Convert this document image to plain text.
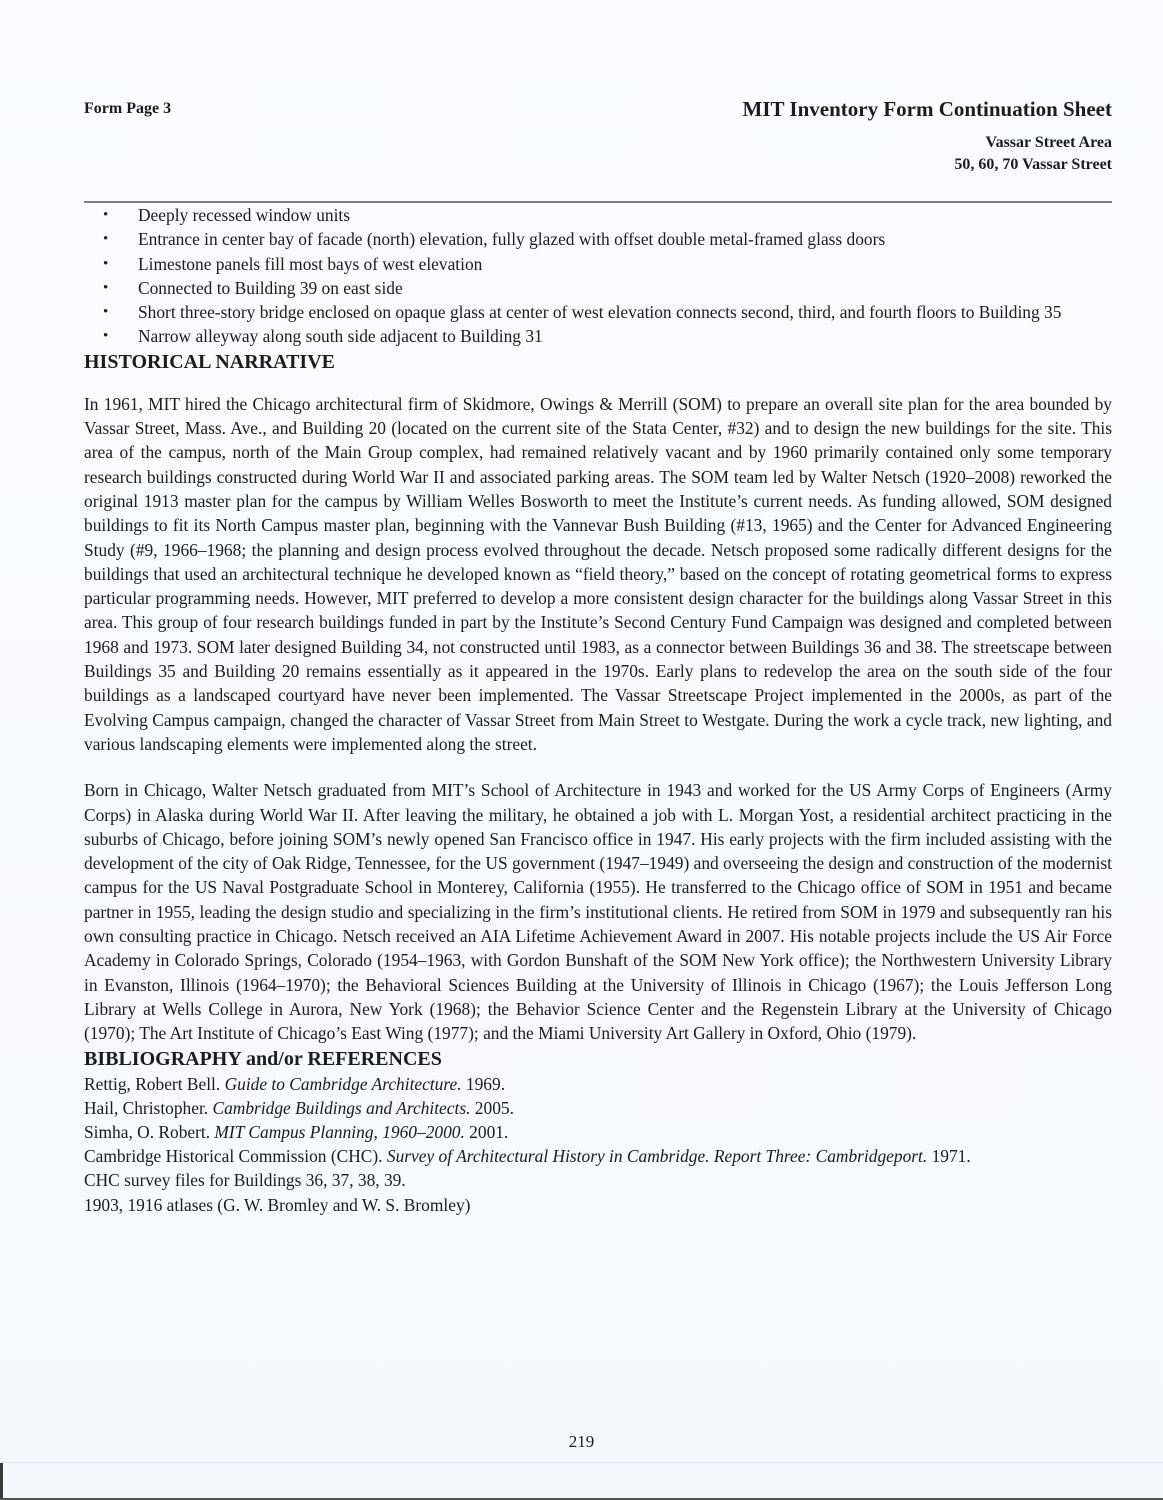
Form Page 3	MIT Inventory Form Continuation Sheet
Vassar Street Area
50, 60, 70 Vassar Street
• Deeply recessed window units
• Entrance in center bay of facade (north) elevation, fully glazed with offset double metal-framed glass doors
• Limestone panels fill most bays of west elevation
• Connected to Building 39 on east side
• Short three-story bridge enclosed on opaque glass at center of west elevation connects second, third, and fourth floors to Building 35
• Narrow alleyway along south side adjacent to Building 31
HISTORICAL NARRATIVE

In 1961, MIT hired the Chicago architectural firm of Skidmore, Owings & Merrill (SOM) to prepare an overall site plan for the area bounded by Vassar Street, Mass. Ave., and Building 20 (located on the current site of the Stata Center, #32) and to design the new buildings for the site. This area of the campus, north of the Main Group complex, had remained relatively vacant and by 1960 primarily contained only some temporary research buildings constructed during World War II and associated parking areas. The SOM team led by Walter Netsch (1920–2008) reworked the original 1913 master plan for the campus by William Welles Bosworth to meet the Institute’s current needs. As funding allowed, SOM designed buildings to fit its North Campus master plan, beginning with the Vannevar Bush Building (#13, 1965) and the Center for Advanced Engineering Study (#9, 1966–1968; the planning and design process evolved throughout the decade. Netsch proposed some radically different designs for the buildings that used an architectural technique he developed known as “field theory,” based on the concept of rotating geometrical forms to express particular programming needs. However, MIT preferred to develop a more consistent design character for the buildings along Vassar Street in this area. This group of four research buildings funded in part by the Institute’s Second Century Fund Campaign was designed and completed between 1968 and 1973. SOM later designed Building 34, not constructed until 1983, as a connector between Buildings 36 and 38. The streetscape between Buildings 35 and Building 20 remains essentially as it appeared in the 1970s. Early plans to redevelop the area on the south side of the four buildings as a landscaped courtyard have never been implemented. The Vassar Streetscape Project implemented in the 2000s, as part of the Evolving Campus campaign, changed the character of Vassar Street from Main Street to Westgate. During the work a cycle track, new lighting, and various landscaping elements were implemented along the street.

Born in Chicago, Walter Netsch graduated from MIT’s School of Architecture in 1943 and worked for the US Army Corps of Engineers (Army Corps) in Alaska during World War II. After leaving the military, he obtained a job with L. Morgan Yost, a residential architect practicing in the suburbs of Chicago, before joining SOM’s newly opened San Francisco office in 1947. His early projects with the firm included assisting with the development of the city of Oak Ridge, Tennessee, for the US government (1947–1949) and overseeing the design and construction of the modernist campus for the US Naval Postgraduate School in Monterey, California (1955). He transferred to the Chicago office of SOM in 1951 and became partner in 1955, leading the design studio and specializing in the firm’s institutional clients. He retired from SOM in 1979 and subsequently ran his own consulting practice in Chicago. Netsch received an AIA Lifetime Achievement Award in 2007. His notable projects include the US Air Force Academy in Colorado Springs, Colorado (1954–1963, with Gordon Bunshaft of the SOM New York office); the Northwestern University Library in Evanston, Illinois (1964–1970); the Behavioral Sciences Building at the University of Illinois in Chicago (1967); the Louis Jefferson Long Library at Wells College in Aurora, New York (1968); the Behavior Science Center and the Regenstein Library at the University of Chicago (1970); The Art Institute of Chicago’s East Wing (1977); and the Miami University Art Gallery in Oxford, Ohio (1979).

BIBLIOGRAPHY and/or REFERENCES
Rettig, Robert Bell. Guide to Cambridge Architecture. 1969.
Hail, Christopher. Cambridge Buildings and Architects. 2005.
Simha, O. Robert. MIT Campus Planning, 1960–2000. 2001.
Cambridge Historical Commission (CHC). Survey of Architectural History in Cambridge. Report Three: Cambridgeport. 1971.
CHC survey files for Buildings 36, 37, 38, 39.
1903, 1916 atlases (G. W. Bromley and W. S. Bromley)
219
